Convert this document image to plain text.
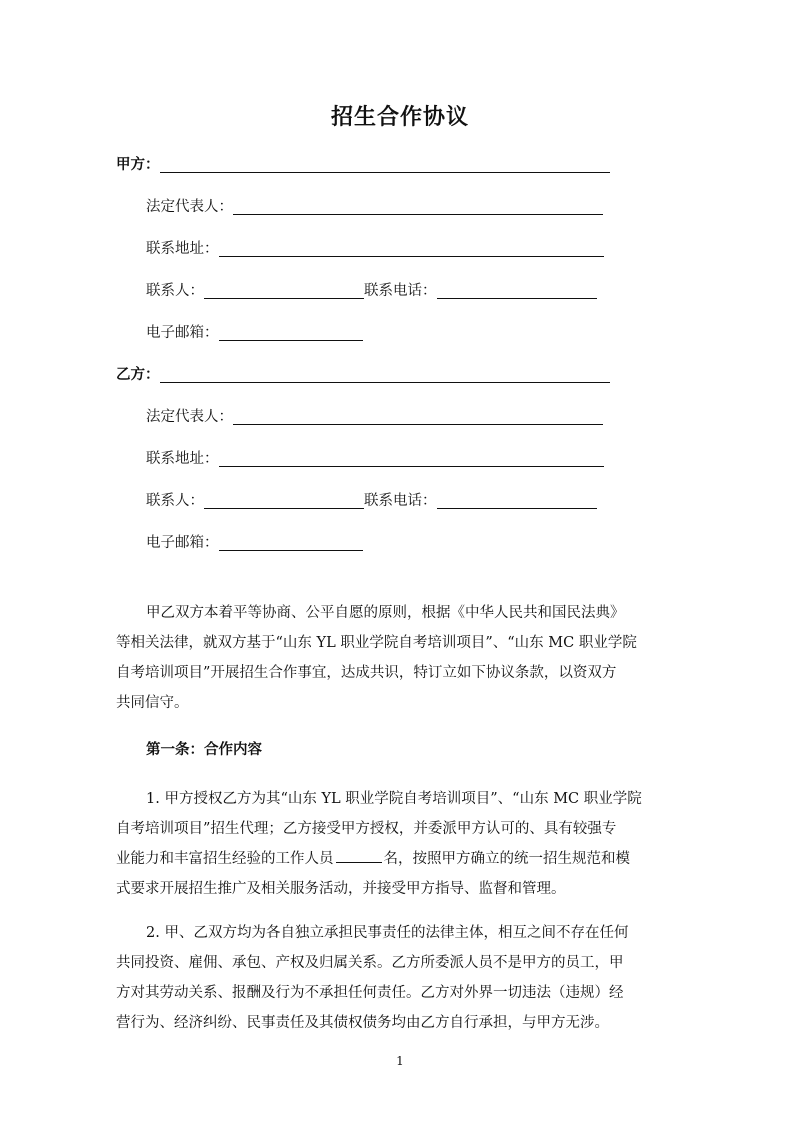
招生合作协议
甲方：
法定代表人：
联系地址：
联系人：	联系电话：
电子邮箱：
乙方：
法定代表人：
联系地址：
联系人：	联系电话：
电子邮箱：
甲乙双方本着平等协商、公平自愿的原则，根据《中华人民共和国民法典》
等相关法律，就双方基于“山东 YL 职业学院自考培训项目”、“山东 MC 职业学院
自考培训项目”开展招生合作事宜，达成共识，特订立如下协议条款，以资双方
共同信守。
第一条：合作内容
1. 甲方授权乙方为其“山东 YL 职业学院自考培训项目”、“山东 MC 职业学院
自考培训项目”招生代理；乙方接受甲方授权，并委派甲方认可的、具有较强专
业能力和丰富招生经验的工作人员	名，按照甲方确立的统一招生规范和模
式要求开展招生推广及相关服务活动，并接受甲方指导、监督和管理。
2. 甲、乙双方均为各自独立承担民事责任的法律主体，相互之间不存在任何
共同投资、雇佣、承包、产权及归属关系。乙方所委派人员不是甲方的员工，甲
方对其劳动关系、报酬及行为不承担任何责任。乙方对外界一切违法（违规）经
营行为、经济纠纷、民事责任及其债权债务均由乙方自行承担，与甲方无涉。
1
